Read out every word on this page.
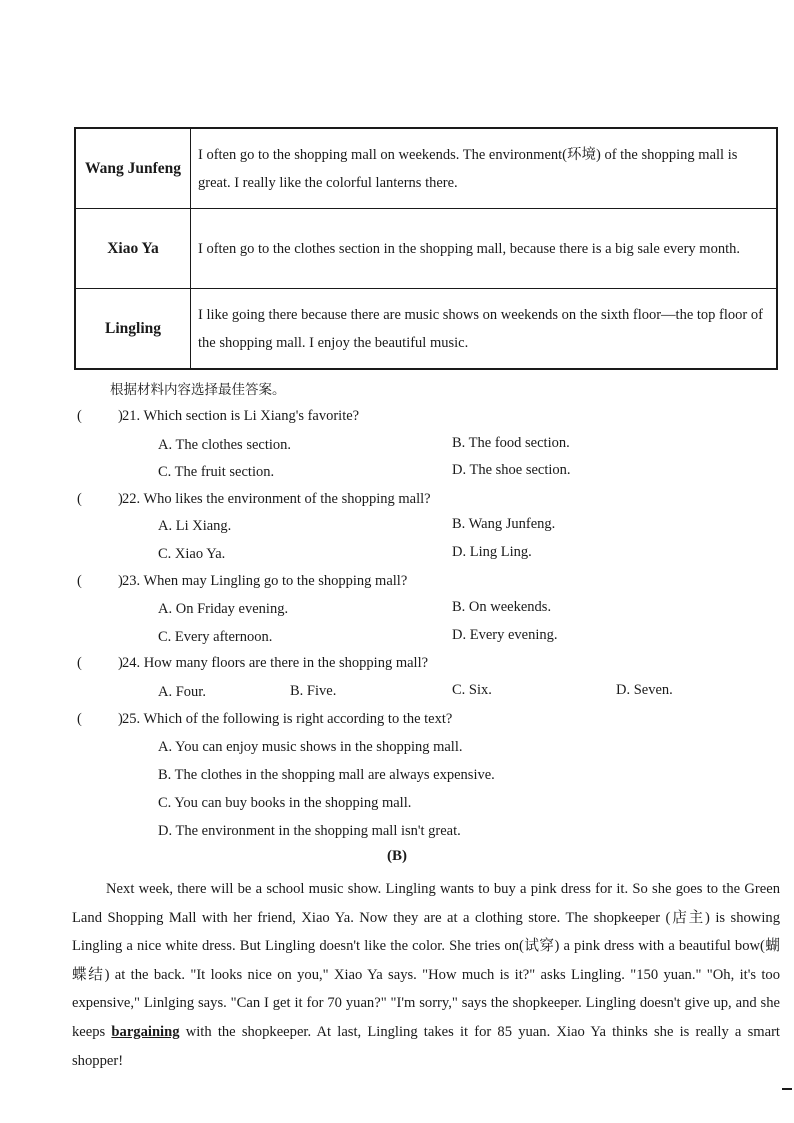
Wang Junfeng	I often go to the shopping mall on weekends. The environment(环境) of the shopping mall is great. I really like the colorful lanterns there.
Xiao Ya	I often go to the clothes section in the shopping mall, because there is a big sale every month.
Lingling	I like going there because there are music shows on weekends on the sixth floor—the top floor of the shopping mall. I enjoy the beautiful music.
根据材料内容选择最佳答案。
( ) 21. Which section is Li Xiang's favorite?
A. The clothes section.	B. The food section.
C. The fruit section.	D. The shoe section.
( ) 22. Who likes the environment of the shopping mall?
A. Li Xiang.	B. Wang Junfeng.
C. Xiao Ya.	D. Ling Ling.
( ) 23. When may Lingling go to the shopping mall?
A. On Friday evening.	B. On weekends.
C. Every afternoon.	D. Every evening.
( ) 24. How many floors are there in the shopping mall?
A. Four.	B. Five.	C. Six.	D. Seven.
( ) 25. Which of the following is right according to the text?
A. You can enjoy music shows in the shopping mall.
B. The clothes in the shopping mall are always expensive.
C. You can buy books in the shopping mall.
D. The environment in the shopping mall isn't great.
(B)

Next week, there will be a school music show. Lingling wants to buy a pink dress for it. So she goes to the Green Land Shopping Mall with her friend, Xiao Ya. Now they are at a clothing store. The shopkeeper (店主) is showing Lingling a nice white dress. But Lingling doesn't like the color. She tries on(试穿) a pink dress with a beautiful bow(蝴蝶结) at the back. "It looks nice on you," Xiao Ya says. "How much is it?" asks Lingling. "150 yuan." "Oh, it's too expensive," Linlging says. "Can I get it for 70 yuan?" "I'm sorry," says the shopkeeper. Lingling doesn't give up, and she keeps bargaining with the shopkeeper. At last, Lingling takes it for 85 yuan. Xiao Ya thinks she is really a smart shopper!
